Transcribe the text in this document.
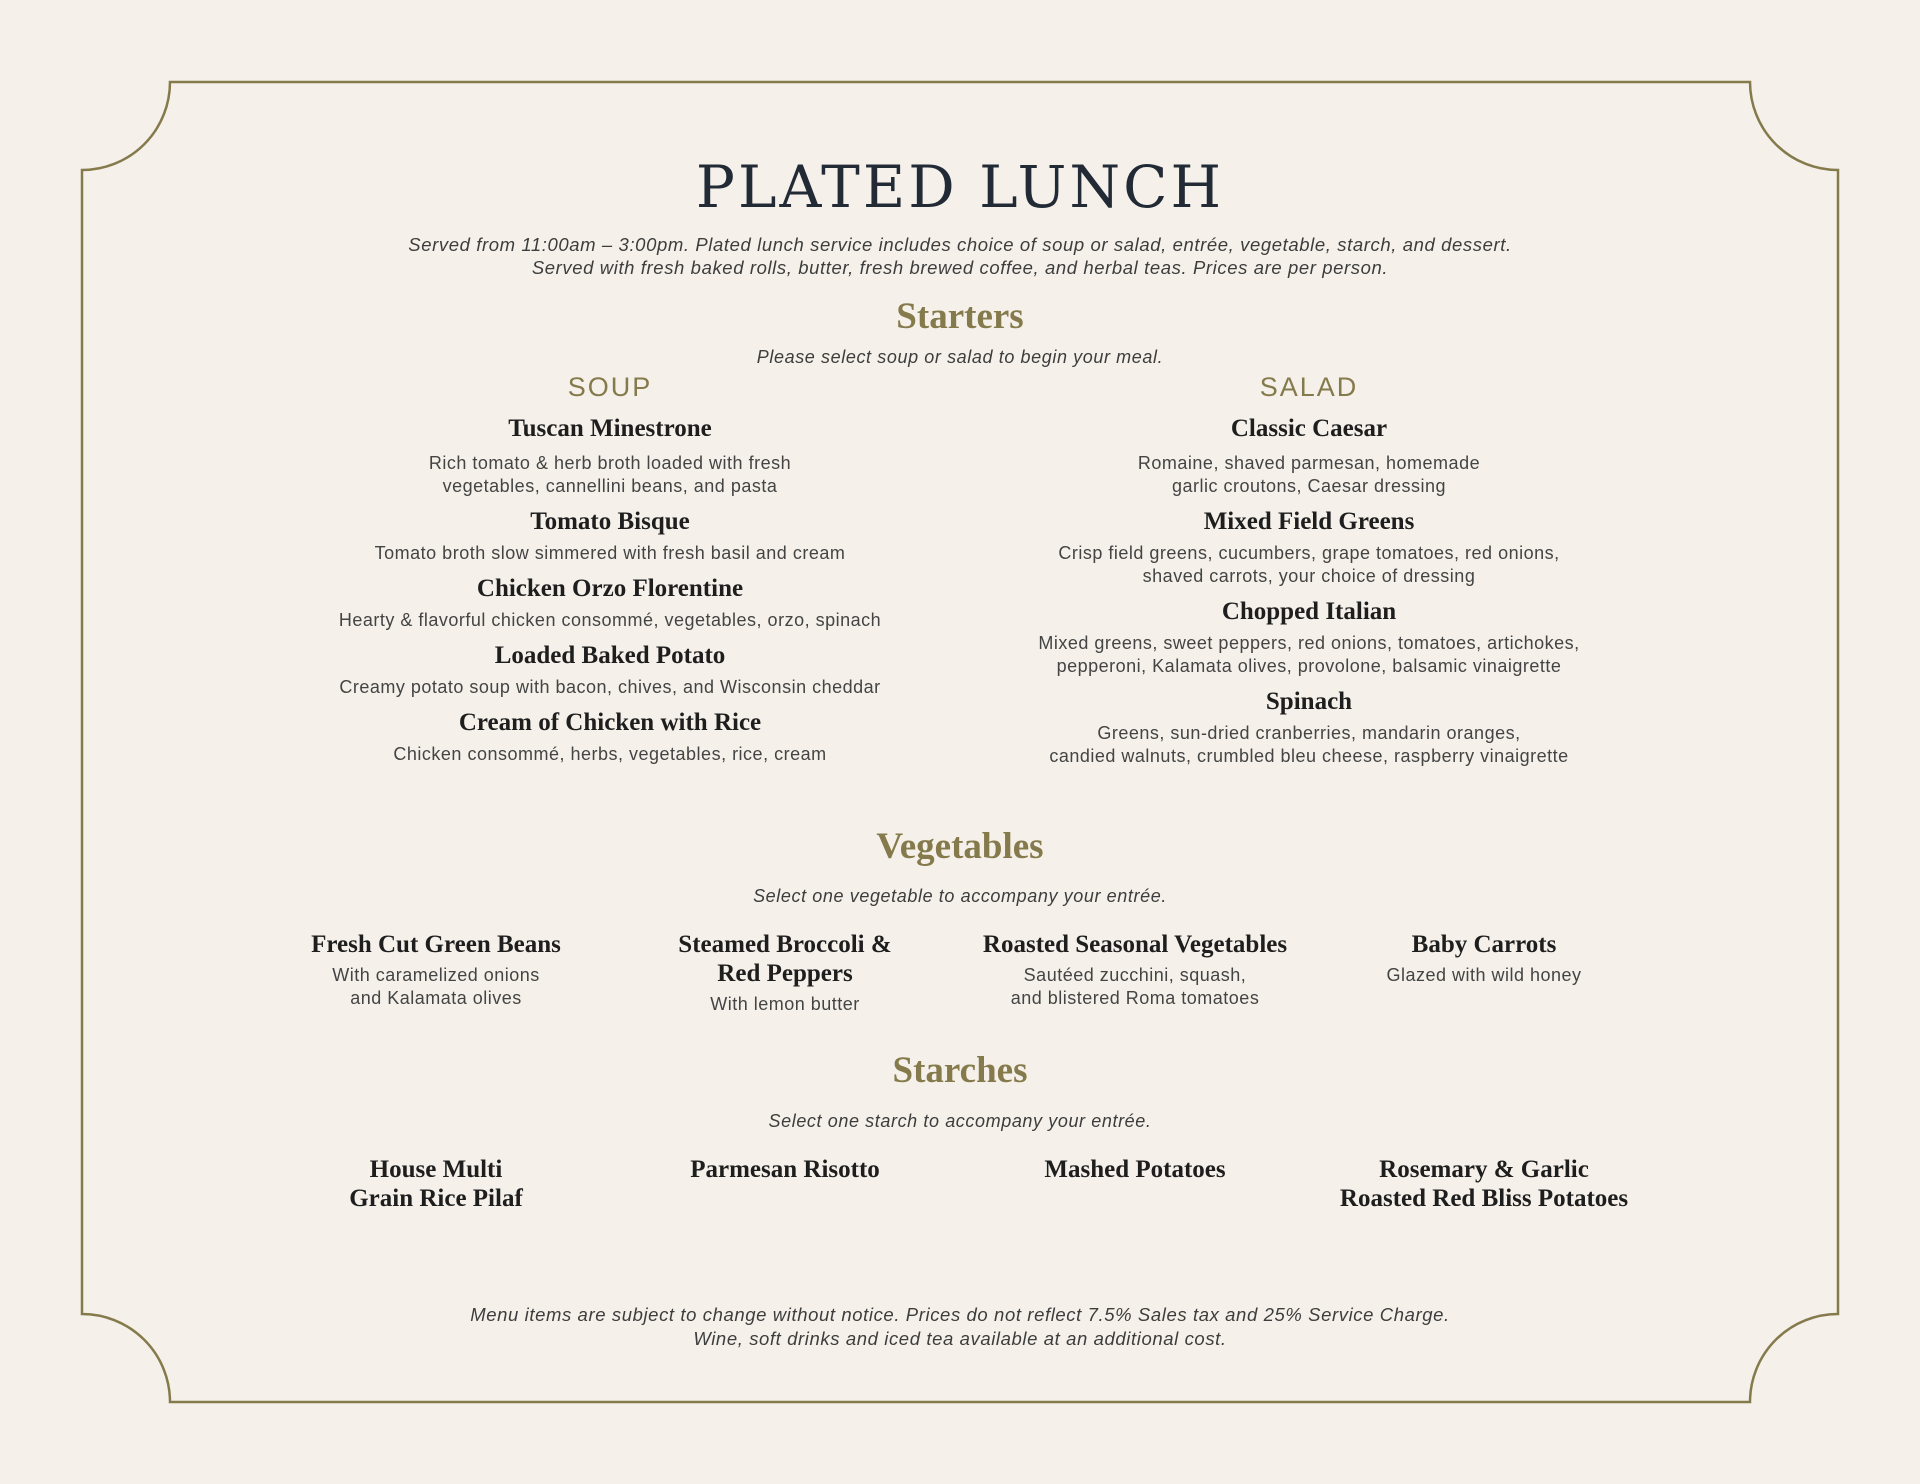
PLATED LUNCH
Served from 11:00am – 3:00pm. Plated lunch service includes choice of soup or salad, entrée, vegetable, starch, and dessert.
Served with fresh baked rolls, butter, fresh brewed coffee, and herbal teas. Prices are per person.
Starters
Please select soup or salad to begin your meal.
SOUP	SALAD
Tuscan Minestrone
Rich tomato & herb broth loaded with fresh
vegetables, cannellini beans, and pasta
Tomato Bisque
Tomato broth slow simmered with fresh basil and cream
Chicken Orzo Florentine
Hearty & flavorful chicken consommé, vegetables, orzo, spinach
Loaded Baked Potato
Creamy potato soup with bacon, chives, and Wisconsin cheddar
Cream of Chicken with Rice
Chicken consommé, herbs, vegetables, rice, cream
Classic Caesar
Romaine, shaved parmesan, homemade
garlic croutons, Caesar dressing
Mixed Field Greens
Crisp field greens, cucumbers, grape tomatoes, red onions,
shaved carrots, your choice of dressing
Chopped Italian
Mixed greens, sweet peppers, red onions, tomatoes, artichokes,
pepperoni, Kalamata olives, provolone, balsamic vinaigrette
Spinach
Greens, sun-dried cranberries, mandarin oranges,
candied walnuts, crumbled bleu cheese, raspberry vinaigrette
Vegetables
Select one vegetable to accompany your entrée.
Fresh Cut Green Beans
With caramelized onions
and Kalamata olives
Steamed Broccoli &
Red Peppers
With lemon butter
Roasted Seasonal Vegetables
Sautéed zucchini, squash,
and blistered Roma tomatoes
Baby Carrots
Glazed with wild honey
Starches
Select one starch to accompany your entrée.
House Multi
Grain Rice Pilaf
Parmesan Risotto	Mashed Potatoes	Rosemary & Garlic
Roasted Red Bliss Potatoes
Menu items are subject to change without notice. Prices do not reflect 7.5% Sales tax and 25% Service Charge.
Wine, soft drinks and iced tea available at an additional cost.
